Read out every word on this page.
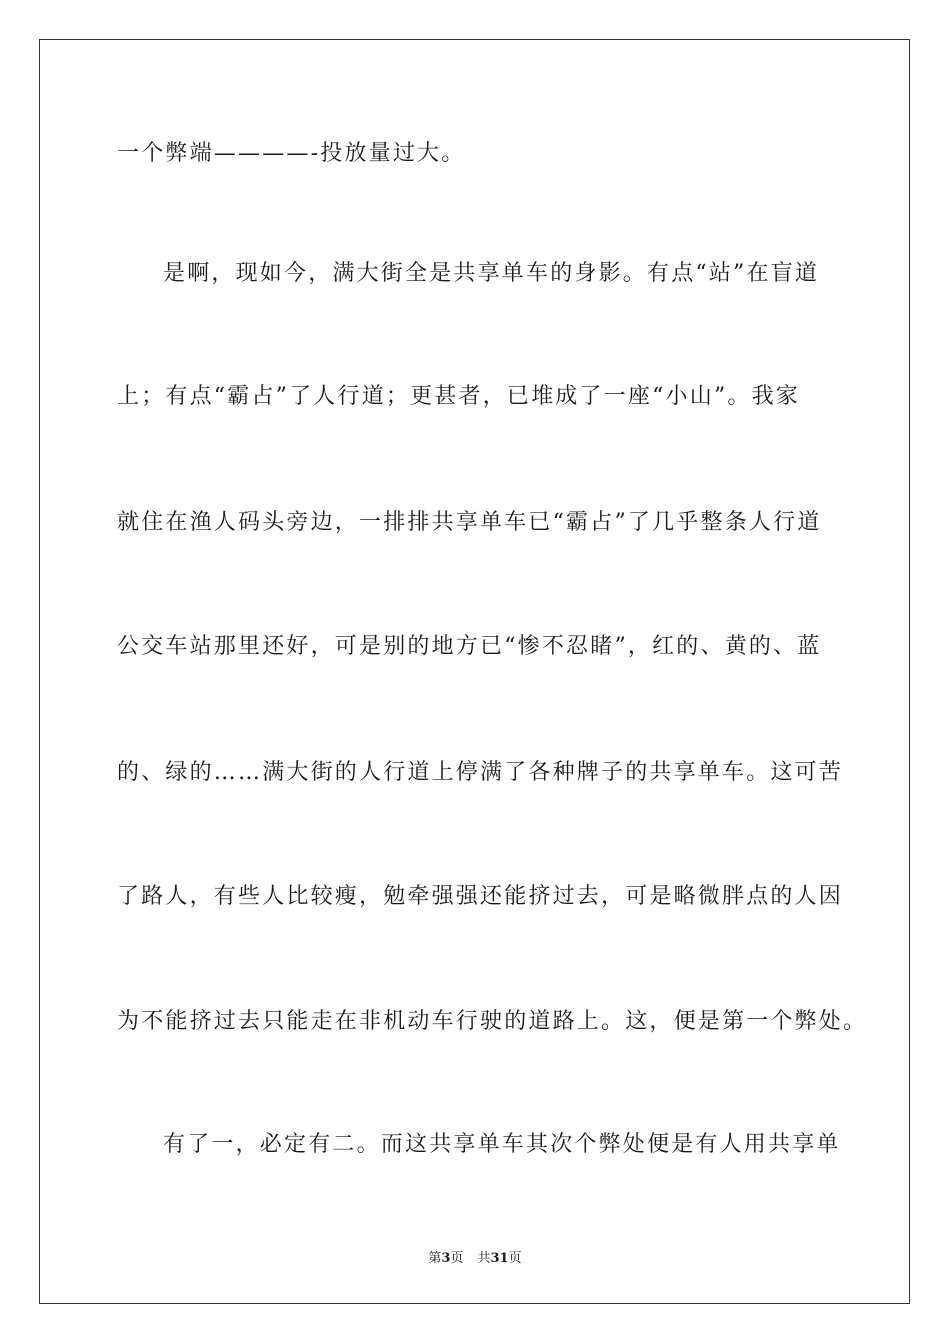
一个弊端————-投放量过大。
是啊，现如今，满大街全是共享单车的身影。有点“站”在盲道
上；有点“霸占”了人行道；更甚者，已堆成了一座“小山”。我家
就住在渔人码头旁边，一排排共享单车已“霸占”了几乎整条人行道
公交车站那里还好，可是别的地方已“惨不忍睹”，红的、黄的、蓝
的、绿的……满大街的人行道上停满了各种牌子的共享单车。这可苦
了路人，有些人比较瘦，勉牵强强还能挤过去，可是略微胖点的人因
为不能挤过去只能走在非机动车行驶的道路上。这，便是第一个弊处。
有了一，必定有二。而这共享单车其次个弊处便是有人用共享单
第3页 共31页
